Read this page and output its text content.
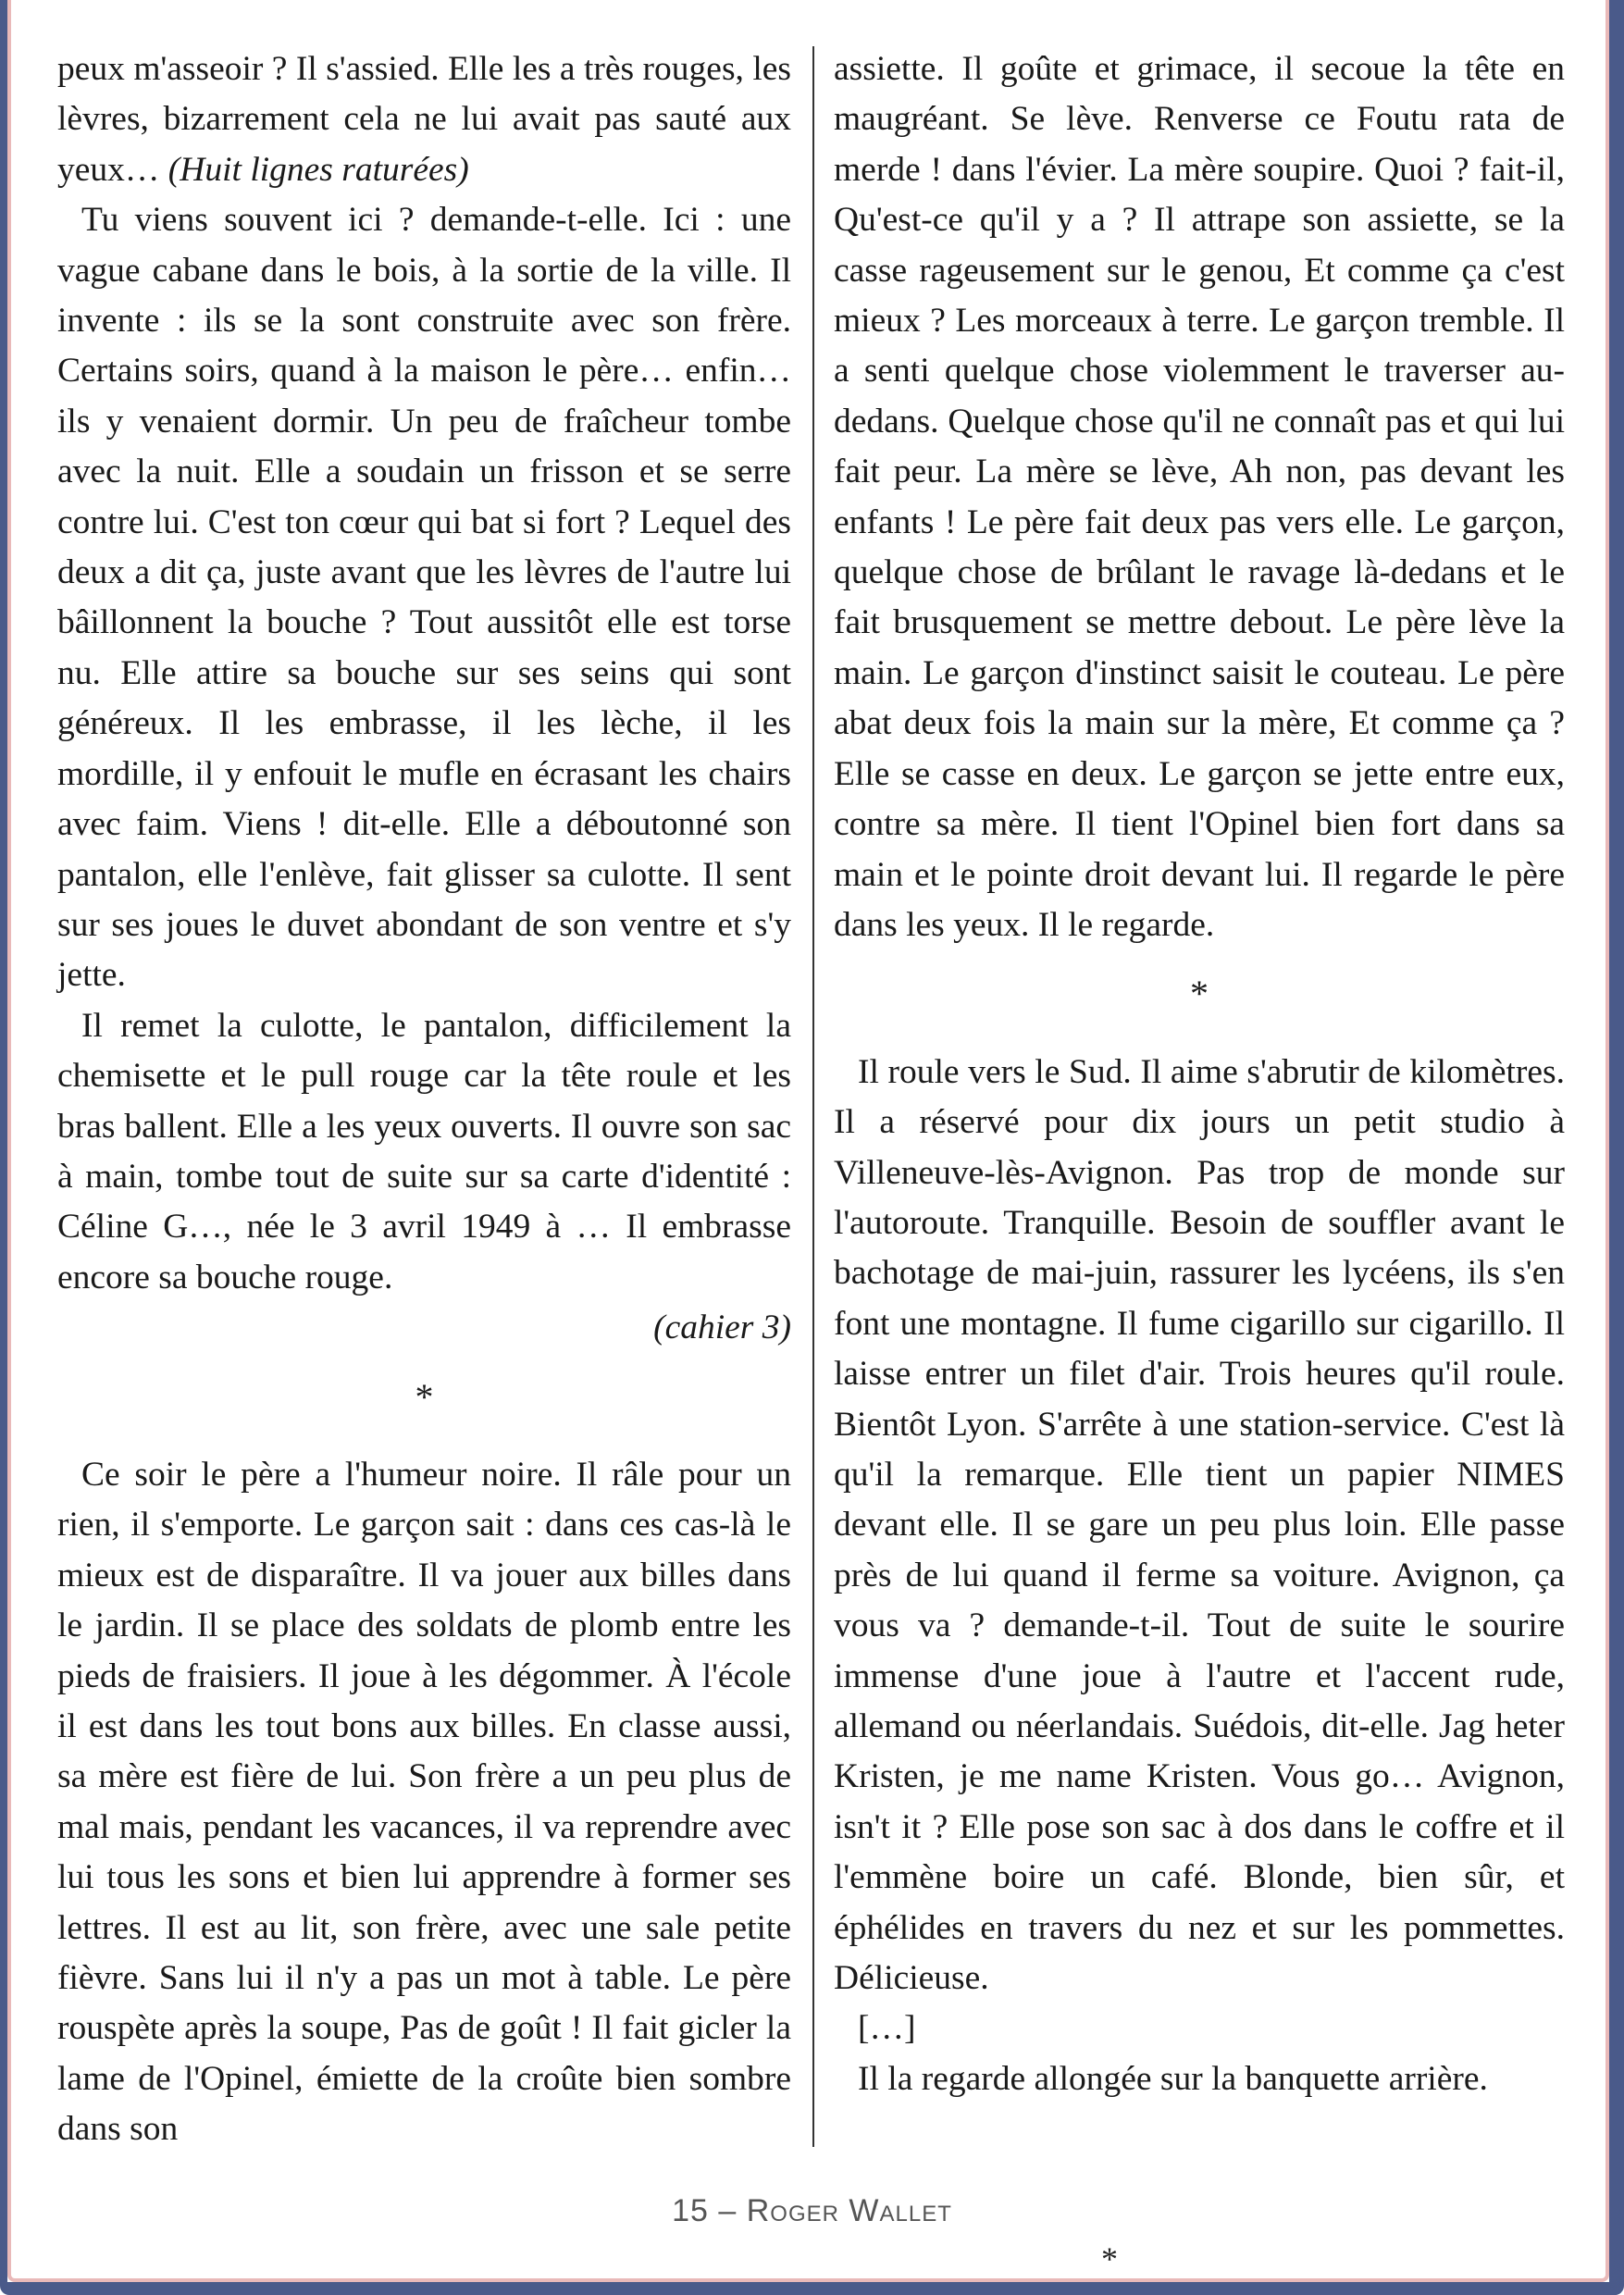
peux m'asseoir ? Il s'assied. Elle les a très rouges, les lèvres, bizarrement cela ne lui avait pas sauté aux yeux… (Huit lignes raturées)

Tu viens souvent ici ? demande-t-elle. Ici : une vague cabane dans le bois, à la sortie de la ville. Il invente : ils se la sont construite avec son frère. Certains soirs, quand à la maison le père… enfin… ils y venaient dormir. Un peu de fraîcheur tombe avec la nuit. Elle a soudain un frisson et se serre contre lui. C'est ton cœur qui bat si fort ? Lequel des deux a dit ça, juste avant que les lèvres de l'autre lui bâillonnent la bouche ? Tout aussitôt elle est torse nu. Elle attire sa bouche sur ses seins qui sont généreux. Il les embrasse, il les lèche, il les mordille, il y enfouit le mufle en écrasant les chairs avec faim. Viens ! dit-elle. Elle a déboutonné son pantalon, elle l'enlève, fait glisser sa culotte. Il sent sur ses joues le duvet abondant de son ventre et s'y jette.

Il remet la culotte, le pantalon, difficilement la chemisette et le pull rouge car la tête roule et les bras ballent. Elle a les yeux ouverts. Il ouvre son sac à main, tombe tout de suite sur sa carte d'identité : Céline G…, née le 3 avril 1949 à … Il embrasse encore sa bouche rouge.

(cahier 3)

*

Ce soir le père a l'humeur noire. Il râle pour un rien, il s'emporte. Le garçon sait : dans ces cas-là le mieux est de disparaître. Il va jouer aux billes dans le jardin. Il se place des soldats de plomb entre les pieds de fraisiers. Il joue à les dégommer. À l'école il est dans les tout bons aux billes. En classe aussi, sa mère est fière de lui. Son frère a un peu plus de mal mais, pendant les vacances, il va reprendre avec lui tous les sons et bien lui apprendre à former ses lettres. Il est au lit, son frère, avec une sale petite fièvre. Sans lui il n'y a pas un mot à table. Le père rouspète après la soupe, Pas de goût ! Il fait gicler la lame de l'Opinel, émiette de la croûte bien sombre dans son

assiette. Il goûte et grimace, il secoue la tête en maugréant. Se lève. Renverse ce Foutu rata de merde ! dans l'évier. La mère soupire. Quoi ? fait-il, Qu'est-ce qu'il y a ? Il attrape son assiette, se la casse rageusement sur le genou, Et comme ça c'est mieux ? Les morceaux à terre. Le garçon tremble. Il a senti quelque chose violemment le traverser au-dedans. Quelque chose qu'il ne connaît pas et qui lui fait peur. La mère se lève, Ah non, pas devant les enfants ! Le père fait deux pas vers elle. Le garçon, quelque chose de brûlant le ravage là-dedans et le fait brusquement se mettre debout. Le père lève la main. Le garçon d'instinct saisit le couteau. Le père abat deux fois la main sur la mère, Et comme ça ? Elle se casse en deux. Le garçon se jette entre eux, contre sa mère. Il tient l'Opinel bien fort dans sa main et le pointe droit devant lui. Il regarde le père dans les yeux. Il le regarde.

*

Il roule vers le Sud. Il aime s'abrutir de kilomètres. Il a réservé pour dix jours un petit studio à Villeneuve-lès-Avignon. Pas trop de monde sur l'autoroute. Tranquille. Besoin de souffler avant le bachotage de mai-juin, rassurer les lycéens, ils s'en font une montagne. Il fume cigarillo sur cigarillo. Il laisse entrer un filet d'air. Trois heures qu'il roule. Bientôt Lyon. S'arrête à une station-service. C'est là qu'il la remarque. Elle tient un papier NIMES devant elle. Il se gare un peu plus loin. Elle passe près de lui quand il ferme sa voiture. Avignon, ça vous va ? demande-t-il. Tout de suite le sourire immense d'une joue à l'autre et l'accent rude, allemand ou néerlandais. Suédois, dit-elle. Jag heter Kristen, je me name Kristen. Vous go… Avignon, isn't it ? Elle pose son sac à dos dans le coffre et il l'emmène boire un café. Blonde, bien sûr, et éphélides en travers du nez et sur les pommettes. Délicieuse.

[…]

Il la regarde allongée sur la banquette arrière.

15 – Roger Wallet
*
